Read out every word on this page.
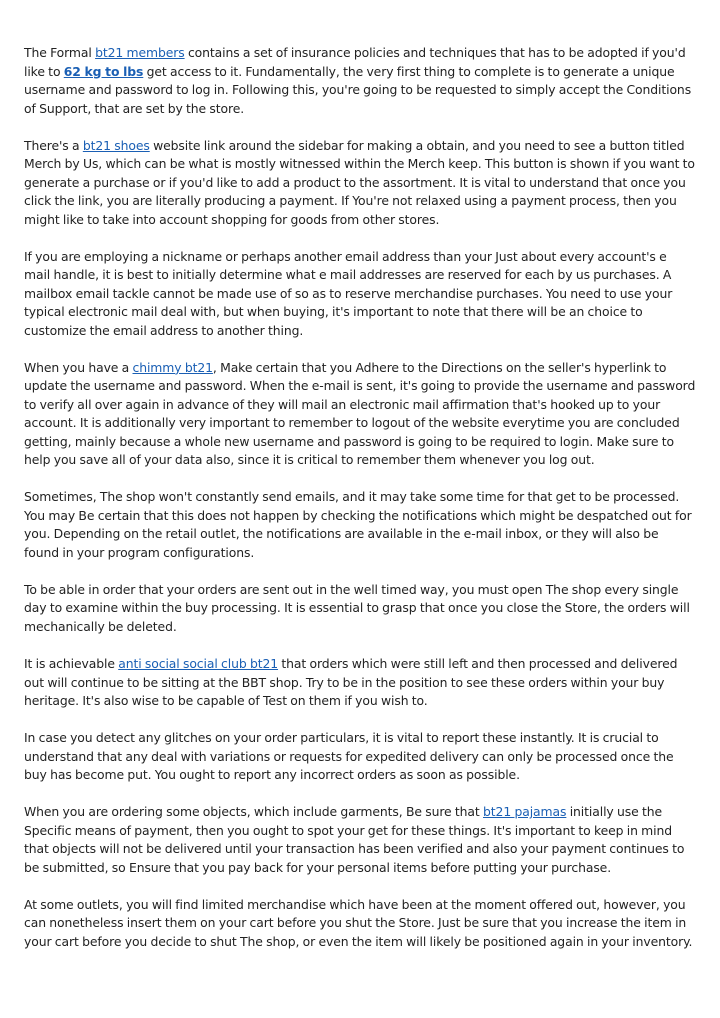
The Formal bt21 members contains a set of insurance policies and techniques that has to be adopted if you'd like to 62 kg to lbs get access to it. Fundamentally, the very first thing to complete is to generate a unique username and password to log in. Following this, you're going to be requested to simply accept the Conditions of Support, that are set by the store.

There's a bt21 shoes website link around the sidebar for making a obtain, and you need to see a button titled Merch by Us, which can be what is mostly witnessed within the Merch keep. This button is shown if you want to generate a purchase or if you'd like to add a product to the assortment. It is vital to understand that once you click the link, you are literally producing a payment. If You're not relaxed using a payment process, then you might like to take into account shopping for goods from other stores.

If you are employing a nickname or perhaps another email address than your Just about every account's e mail handle, it is best to initially determine what e mail addresses are reserved for each by us purchases. A mailbox email tackle cannot be made use of so as to reserve merchandise purchases. You need to use your typical electronic mail deal with, but when buying, it's important to note that there will be an choice to customize the email address to another thing.

When you have a chimmy bt21, Make certain that you Adhere to the Directions on the seller's hyperlink to update the username and password. When the e-mail is sent, it's going to provide the username and password to verify all over again in advance of they will mail an electronic mail affirmation that's hooked up to your account. It is additionally very important to remember to logout of the website everytime you are concluded getting, mainly because a whole new username and password is going to be required to login. Make sure to help you save all of your data also, since it is critical to remember them whenever you log out.

Sometimes, The shop won't constantly send emails, and it may take some time for that get to be processed. You may Be certain that this does not happen by checking the notifications which might be despatched out for you. Depending on the retail outlet, the notifications are available in the e-mail inbox, or they will also be found in your program configurations.

To be able in order that your orders are sent out in the well timed way, you must open The shop every single day to examine within the buy processing. It is essential to grasp that once you close the Store, the orders will mechanically be deleted.

It is achievable anti social social club bt21 that orders which were still left and then processed and delivered out will continue to be sitting at the BBT shop. Try to be in the position to see these orders within your buy heritage. It's also wise to be capable of Test on them if you wish to.

In case you detect any glitches on your order particulars, it is vital to report these instantly. It is crucial to understand that any deal with variations or requests for expedited delivery can only be processed once the buy has become put. You ought to report any incorrect orders as soon as possible.

When you are ordering some objects, which include garments, Be sure that bt21 pajamas initially use the Specific means of payment, then you ought to spot your get for these things. It's important to keep in mind that objects will not be delivered until your transaction has been verified and also your payment continues to be submitted, so Ensure that you pay back for your personal items before putting your purchase.

At some outlets, you will find limited merchandise which have been at the moment offered out, however, you can nonetheless insert them on your cart before you shut the Store. Just be sure that you increase the item in your cart before you decide to shut The shop, or even the item will likely be positioned again in your inventory.
